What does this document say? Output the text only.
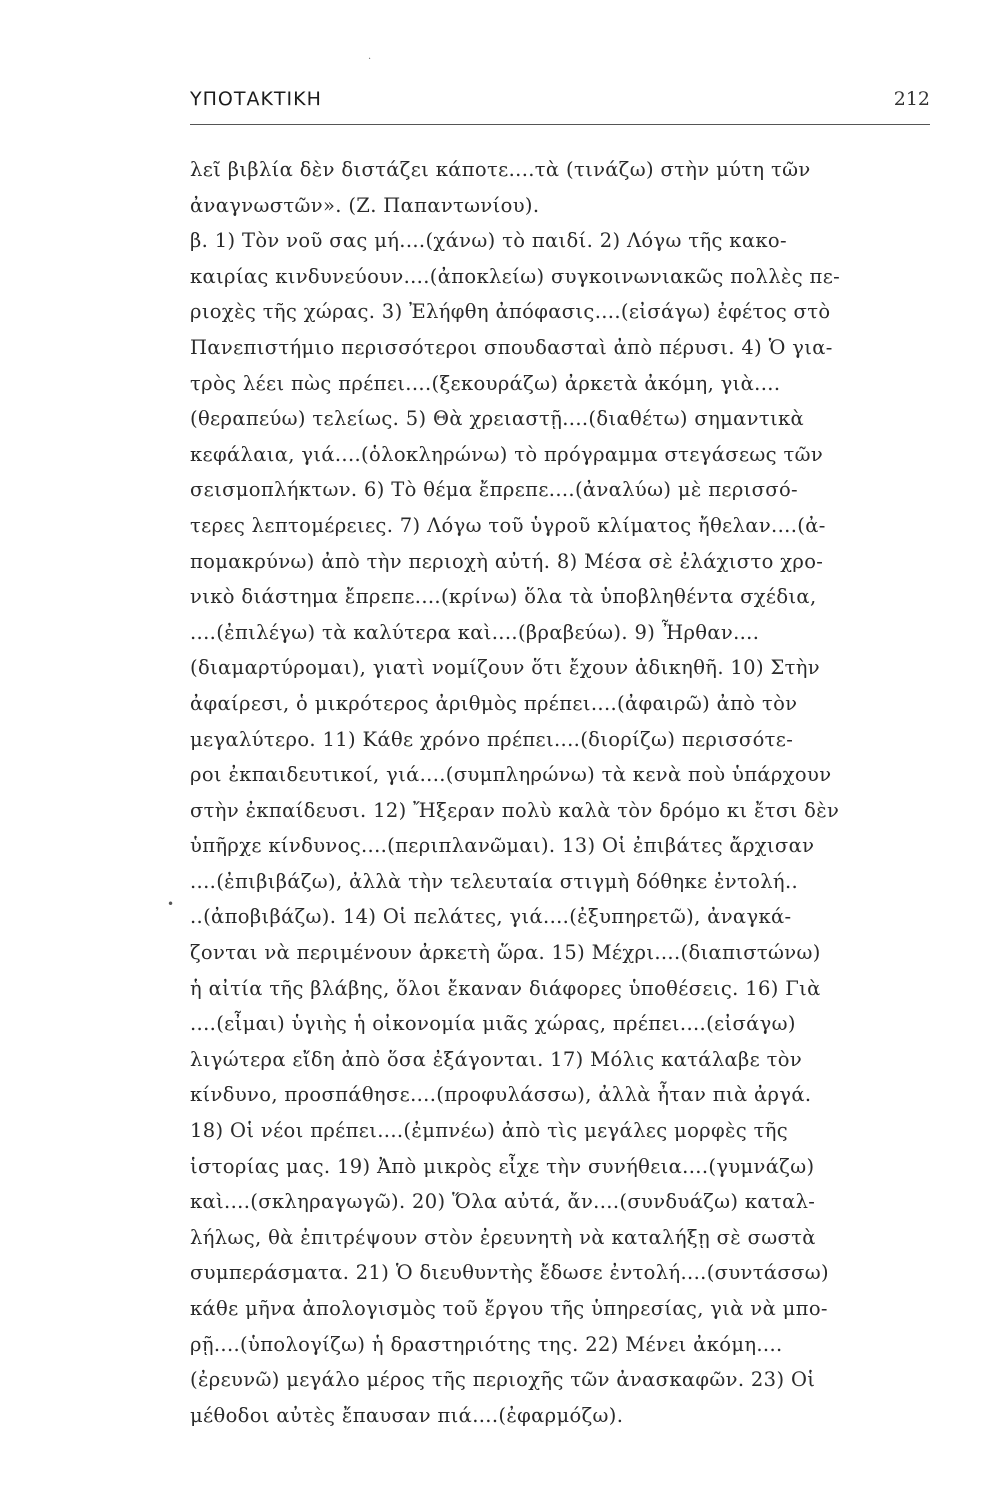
·
ΥΠΟΤΑΚΤΙΚΗ	212
•
λεῖ βιβλία δὲν διστάζει κάποτε....τὰ (τινάζω) στὴν μύτη τῶν
ἀναγνωστῶν». (Ζ. Παπαντωνίου).
β. 1) Τὸν νοῦ σας μή....(χάνω) τὸ παιδί. 2) Λόγω τῆς κακο-
καιρίας κινδυνεύουν....(ἀποκλείω) συγκοινωνιακῶς πολλὲς πε-
ριοχὲς τῆς χώρας. 3) Ἐλήφθη ἀπόφασις....(εἰσάγω) ἐφέτος στὸ
Πανεπιστήμιο περισσότεροι σπουδασταὶ ἀπὸ πέρυσι. 4) Ὁ για-
τρὸς λέει πὼς πρέπει....(ξεκουράζω) ἀρκετὰ ἀκόμη, γιὰ....
(θεραπεύω) τελείως. 5) Θὰ χρειαστῇ....(διαθέτω) σημαντικὰ
κεφάλαια, γιά....(ὁλοκληρώνω) τὸ πρόγραμμα στεγάσεως τῶν
σεισμοπλήκτων. 6) Τὸ θέμα ἔπρεπε....(ἀναλύω) μὲ περισσό-
τερες λεπτομέρειες. 7) Λόγω τοῦ ὑγροῦ κλίματος ἤθελαν....(ἀ-
πομακρύνω) ἀπὸ τὴν περιοχὴ αὐτή. 8) Μέσα σὲ ἐλάχιστο χρο-
νικὸ διάστημα ἔπρεπε....(κρίνω) ὅλα τὰ ὑποβληθέντα σχέδια,
....(ἐπιλέγω) τὰ καλύτερα καὶ....(βραβεύω). 9) Ἦρθαν....
(διαμαρτύρομαι), γιατὶ νομίζουν ὅτι ἔχουν ἀδικηθῆ. 10) Στὴν
ἀφαίρεσι, ὁ μικρότερος ἀριθμὸς πρέπει....(ἀφαιρῶ) ἀπὸ τὸν
μεγαλύτερο. 11) Κάθε χρόνο πρέπει....(διορίζω) περισσότε-
ροι ἐκπαιδευτικοί, γιά....(συμπληρώνω) τὰ κενὰ ποὺ ὑπάρχουν
στὴν ἐκπαίδευσι. 12) Ἤξεραν πολὺ καλὰ τὸν δρόμο κι ἔτσι δὲν
ὑπῆρχε κίνδυνος....(περιπλανῶμαι). 13) Οἱ ἐπιβάτες ἄρχισαν
....(ἐπιβιβάζω), ἀλλὰ τὴν τελευταία στιγμὴ δόθηκε ἐντολή..
..(ἀποβιβάζω). 14) Οἱ πελάτες, γιά....(ἐξυπηρετῶ), ἀναγκά-
ζονται νὰ περιμένουν ἀρκετὴ ὥρα. 15) Μέχρι....(διαπιστώνω)
ἡ αἰτία τῆς βλάβης, ὅλοι ἔκαναν διάφορες ὑποθέσεις. 16) Γιὰ
....(εἶμαι) ὑγιὴς ἡ οἰκονομία μιᾶς χώρας, πρέπει....(εἰσάγω)
λιγώτερα εἴδη ἀπὸ ὅσα ἐξάγονται. 17) Μόλις κατάλαβε τὸν
κίνδυνο, προσπάθησε....(προφυλάσσω), ἀλλὰ ἦταν πιὰ ἀργά.
18) Οἱ νέοι πρέπει....(ἐμπνέω) ἀπὸ τὶς μεγάλες μορφὲς τῆς
ἱστορίας μας. 19) Ἀπὸ μικρὸς εἶχε τὴν συνήθεια....(γυμνάζω)
καὶ....(σκληραγωγῶ). 20) Ὅλα αὐτά, ἄν....(συνδυάζω) καταλ-
λήλως, θὰ ἐπιτρέψουν στὸν ἐρευνητὴ νὰ καταλήξῃ σὲ σωστὰ
συμπεράσματα. 21) Ὁ διευθυντὴς ἔδωσε ἐντολή....(συντάσσω)
κάθε μῆνα ἀπολογισμὸς τοῦ ἔργου τῆς ὑπηρεσίας, γιὰ νὰ μπο-
ρῇ....(ὑπολογίζω) ἡ δραστηριότης της. 22) Μένει ἀκόμη....
(ἐρευνῶ) μεγάλο μέρος τῆς περιοχῆς τῶν ἀνασκαφῶν. 23) Οἱ
μέθοδοι αὐτὲς ἔπαυσαν πιά....(ἐφαρμόζω).
